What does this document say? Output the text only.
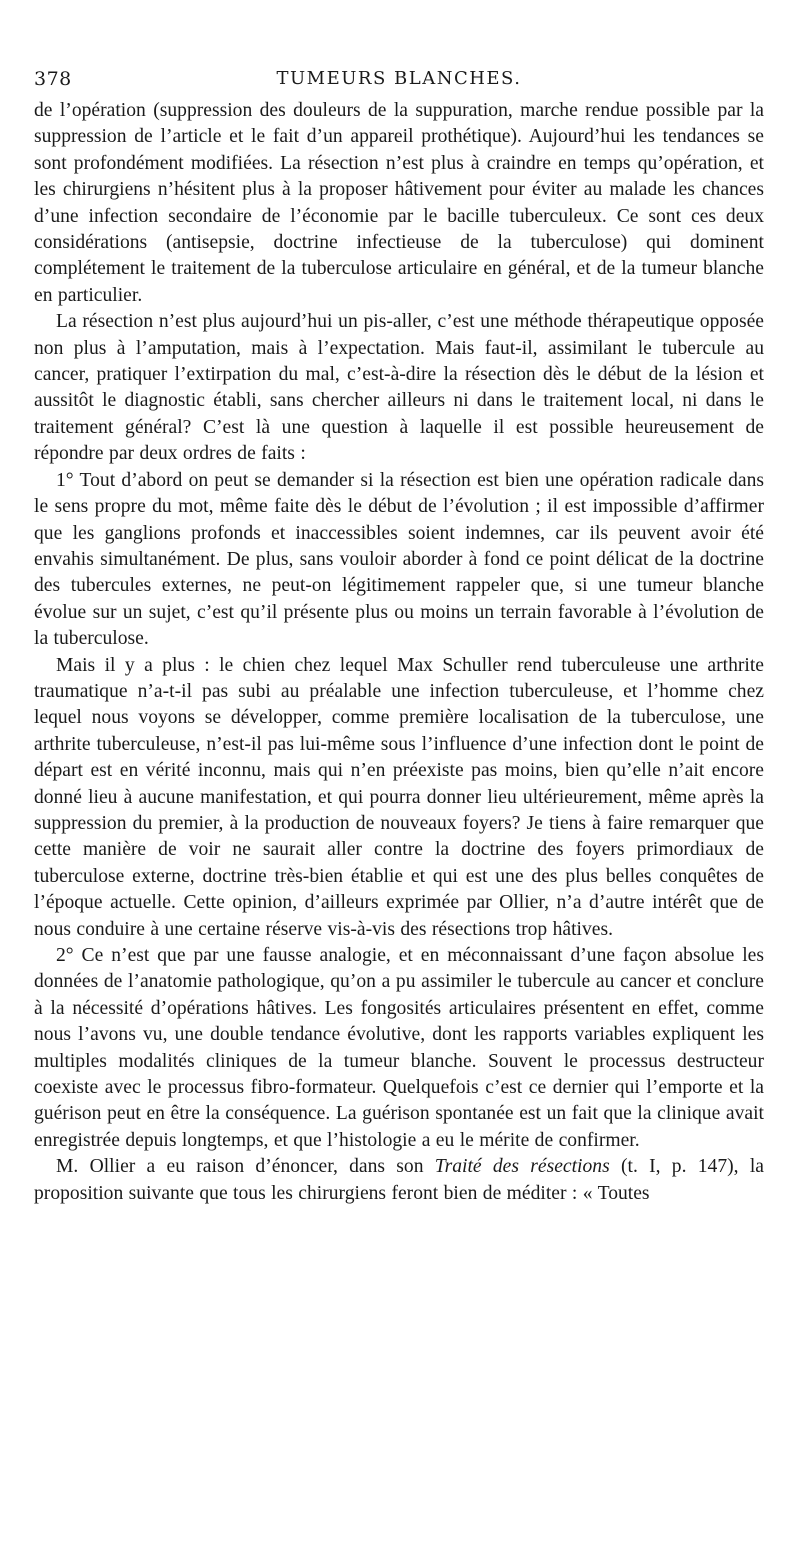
378	TUMEURS BLANCHES.

de l’opération (suppression des douleurs de la suppuration, marche rendue possible par la suppression de l’article et le fait d’un appareil prothétique). Aujourd’hui les tendances se sont profondément modifiées. La résection n’est plus à craindre en temps qu’opération, et les chirurgiens n’hésitent plus à la proposer hâtivement pour éviter au malade les chances d’une infection secondaire de l’économie par le bacille tuberculeux. Ce sont ces deux considérations (antisepsie, doctrine infectieuse de la tuberculose) qui dominent complétement le traitement de la tuberculose articulaire en général, et de la tumeur blanche en particulier.

La résection n’est plus aujourd’hui un pis-aller, c’est une méthode thérapeutique opposée non plus à l’amputation, mais à l’expectation. Mais faut-il, assimilant le tubercule au cancer, pratiquer l’extirpation du mal, c’est-à-dire la résection dès le début de la lésion et aussitôt le diagnostic établi, sans chercher ailleurs ni dans le traitement local, ni dans le traitement général? C’est là une question à laquelle il est possible heureusement de répondre par deux ordres de faits :

1° Tout d’abord on peut se demander si la résection est bien une opération radicale dans le sens propre du mot, même faite dès le début de l’évolution ; il est impossible d’affirmer que les ganglions profonds et inaccessibles soient indemnes, car ils peuvent avoir été envahis simultanément. De plus, sans vouloir aborder à fond ce point délicat de la doctrine des tubercules externes, ne peut-on légitimement rappeler que, si une tumeur blanche évolue sur un sujet, c’est qu’il présente plus ou moins un terrain favorable à l’évolution de la tuberculose.

Mais il y a plus : le chien chez lequel Max Schuller rend tuberculeuse une arthrite traumatique n’a-t-il pas subi au préalable une infection tuberculeuse, et l’homme chez lequel nous voyons se développer, comme première localisation de la tuberculose, une arthrite tuberculeuse, n’est-il pas lui-même sous l’influence d’une infection dont le point de départ est en vérité inconnu, mais qui n’en préexiste pas moins, bien qu’elle n’ait encore donné lieu à aucune manifestation, et qui pourra donner lieu ultérieurement, même après la suppression du premier, à la production de nouveaux foyers? Je tiens à faire remarquer que cette manière de voir ne saurait aller contre la doctrine des foyers primordiaux de tuberculose externe, doctrine très-bien établie et qui est une des plus belles conquêtes de l’époque actuelle. Cette opinion, d’ailleurs exprimée par Ollier, n’a d’autre intérêt que de nous conduire à une certaine réserve vis-à-vis des résections trop hâtives.

2° Ce n’est que par une fausse analogie, et en méconnaissant d’une façon absolue les données de l’anatomie pathologique, qu’on a pu assimiler le tubercule au cancer et conclure à la nécessité d’opérations hâtives. Les fongosités articulaires présentent en effet, comme nous l’avons vu, une double tendance évolutive, dont les rapports variables expliquent les multiples modalités cliniques de la tumeur blanche. Souvent le processus destructeur coexiste avec le processus fibro-formateur. Quelquefois c’est ce dernier qui l’emporte et la guérison peut en être la conséquence. La guérison spontanée est un fait que la clinique avait enregistrée depuis longtemps, et que l’histologie a eu le mérite de confirmer.

M. Ollier a eu raison d’énoncer, dans son Traité des résections (t. I, p. 147), la proposition suivante que tous les chirurgiens feront bien de méditer : « Toutes
